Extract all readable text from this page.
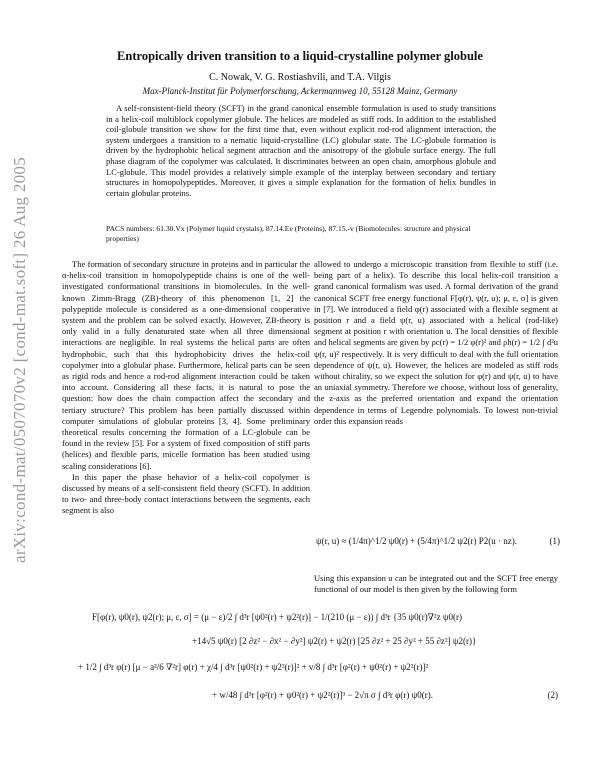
arXiv:cond-mat/0507070v2 [cond-mat.soft] 26 Aug 2005
Entropically driven transition to a liquid-crystalline polymer globule
C. Nowak, V. G. Rostiashvili, and T.A. Vilgis
Max-Planck-Institut für Polymerforschung, Ackermannweg 10, 55128 Mainz, Germany

A self-consistent-field theory (SCFT) in the grand canonical ensemble formulation is used to study transitions in a helix-coil multiblock copolymer globule. The helices are modeled as stiff rods. In addition to the established coil-globule transition we show for the first time that, even without explicit rod-rod alignment interaction, the system undergoes a transition to a nematic liquid-crystalline (LC) globular state. The LC-globule formation is driven by the hydrophobic helical segment attraction and the anisotropy of the globule surface energy. The full phase diagram of the copolymer was calculated. It discriminates between an open chain, amorphous globule and LC-globule. This model provides a relatively simple example of the interplay between secondary and tertiary structures in homopolypeptides. Moreover, it gives a simple explanation for the formation of helix bundles in certain globular proteins.

PACS numbers: 61.30.Vx (Polymer liquid crystals), 87.14.Ee (Proteins), 87.15.-v (Biomolecules: structure and physical properties)

The formation of secondary structure in proteins and in particular the α-helix-coil transition in homopolypeptide chains is one of the well-investigated conformational transitions in biomolecules. In the well-known Zimm-Bragg (ZB)-theory of this phenomenon [1, 2] the polypeptide molecule is considered as a one-dimensional cooperative system and the problem can be solved exactly. However, ZB-theory is only valid in a fully denaturated state when all three dimensional interactions are negligible. In real systems the helical parts are often hydrophobic, such that this hydrophobicity drives the helix-coil copolymer into a globular phase. Furthermore, helical parts can be seen as rigid rods and hence a rod-rod alignment interaction could be taken into account. Considering all these facts, it is natural to pose the question: how does the chain compaction affect the secondary and tertiary structure? This problem has been partially discussed within computer simulations of globular proteins [3, 4]. Some preliminary theoretical results concerning the formation of a LC-globule can be found in the review [5]. For a system of fixed composition of stiff parts (helices) and flexible parts, micelle formation has been studied using scaling considerations [6].

In this paper the phase behavior of a helix-coil copolymer is discussed by means of a self-consistent field theory (SCFT). In addition to two- and three-body contact interactions between the segments, each segment is also

allowed to undergo a microscopic transition from flexible to stiff (i.e. being part of a helix). To describe this local helix-coil transition a grand canonical formalism was used. A formal derivation of the grand canonical SCFT free energy functional F[φ(r), ψ(r, u); μ, ε, σ] is given in [7]. We introduced a field φ(r) associated with a flexible segment at position r and a field ψ(r, u) associated with a helical (rod-like) segment at position r with orientation u. The local densities of flexible and helical segments are given by ρc(r) = 1/2 φ(r)² and ρh(r) = 1/2 ∫ d²u ψ(r, u)² respectively. It is very difficult to deal with the full orientation dependence of ψ(r, u). However, the helices are modeled as stiff rods without chirality, so we expect the solution for φ(r) and ψ(r, u) to have an uniaxial symmetry. Therefore we choose, without loss of generality, the z-axis as the preferred orientation and expand the orientation dependence in terms of Legendre polynomials. To lowest non-trivial order this expansion reads

ψ(r, u) ≈ (1/4π)^1/2 ψ0(r) + (5/4π)^1/2 ψ2(r) P2(u · nz).	(1)

Using this expansion u can be integrated out and the SCFT free energy functional of our model is then given by the following form

F[φ(r), ψ0(r), ψ2(r); μ, ε, σ] = (μ − ε)/2 ∫ d³r [ψ0²(r) + ψ2²(r)] − 1/(210 (μ − ε)) ∫ d³r {35 ψ0(r)∇²z ψ0(r)
+14√5 ψ0(r) [2 ∂z² − ∂x² − ∂y²] ψ2(r) + ψ2(r) [25 ∂z² + 25 ∂y² + 55 ∂z²] ψ2(r)}
+ 1/2 ∫ d³r φ(r) [μ − a²/6 ∇²r] φ(r) + χ/4 ∫ d³r [ψ0²(r) + ψ2²(r)]² + v/8 ∫ d³r [φ²(r) + ψ0²(r) + ψ2²(r)]²
+ w/48 ∫ d³r [φ²(r) + ψ0²(r) + ψ2²(r)]³ − 2√π σ ∫ d³r φ(r) ψ0(r).	(2)
